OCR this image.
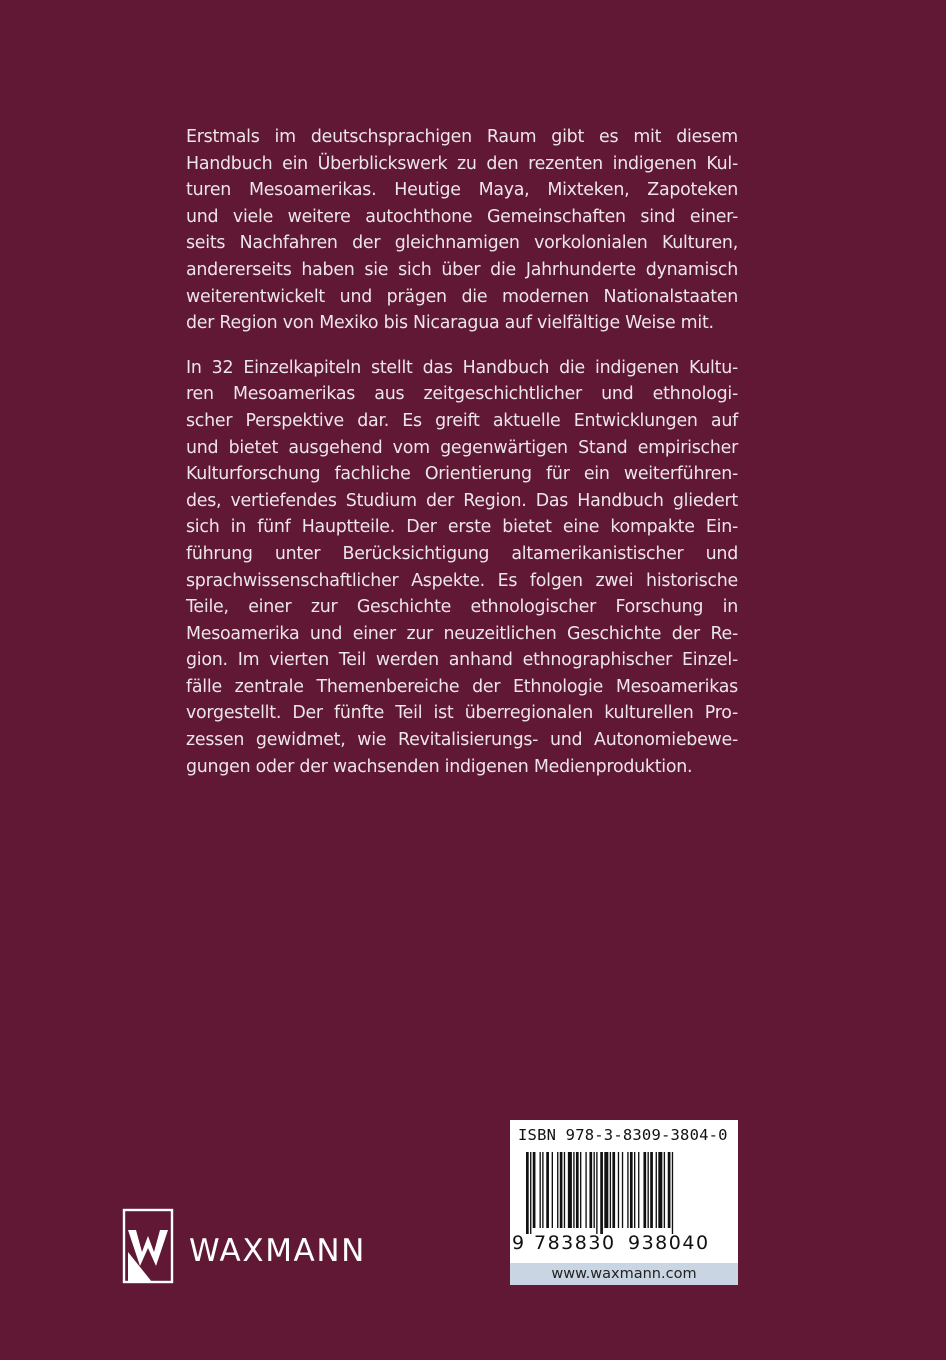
Erstmals im deutschsprachigen Raum gibt es mit diesem
Handbuch ein Überblickswerk zu den rezenten indigenen Kul-
turen Mesoamerikas. Heutige Maya, Mixteken, Zapoteken
und viele weitere autochthone Gemeinschaften sind einer-
seits Nachfahren der gleichnamigen vorkolonialen Kulturen,
andererseits haben sie sich über die Jahrhunderte dynamisch
weiterentwickelt und prägen die modernen Nationalstaaten
der Region von Mexiko bis Nicaragua auf vielfältige Weise mit.
In 32 Einzelkapiteln stellt das Handbuch die indigenen Kultu-
ren Mesoamerikas aus zeitgeschichtlicher und ethnologi-
scher Perspektive dar. Es greift aktuelle Entwicklungen auf
und bietet ausgehend vom gegenwärtigen Stand empirischer
Kulturforschung fachliche Orientierung für ein weiterführen-
des, vertiefendes Studium der Region. Das Handbuch gliedert
sich in fünf Hauptteile. Der erste bietet eine kompakte Ein-
führung unter Berücksichtigung altamerikanistischer und
sprachwissenschaftlicher Aspekte. Es folgen zwei historische
Teile, einer zur Geschichte ethnologischer Forschung in
Mesoamerika und einer zur neuzeitlichen Geschichte der Re-
gion. Im vierten Teil werden anhand ethnographischer Einzel-
fälle zentrale Themenbereiche der Ethnologie Mesoamerikas
vorgestellt. Der fünfte Teil ist überregionalen kulturellen Pro-
zessen gewidmet, wie Revitalisierungs- und Autonomiebewe-
gungen oder der wachsenden indigenen Medienproduktion.
WAXMANN
ISBN 978-3-8309-3804-0
9 783830 938040
www.waxmann.com
